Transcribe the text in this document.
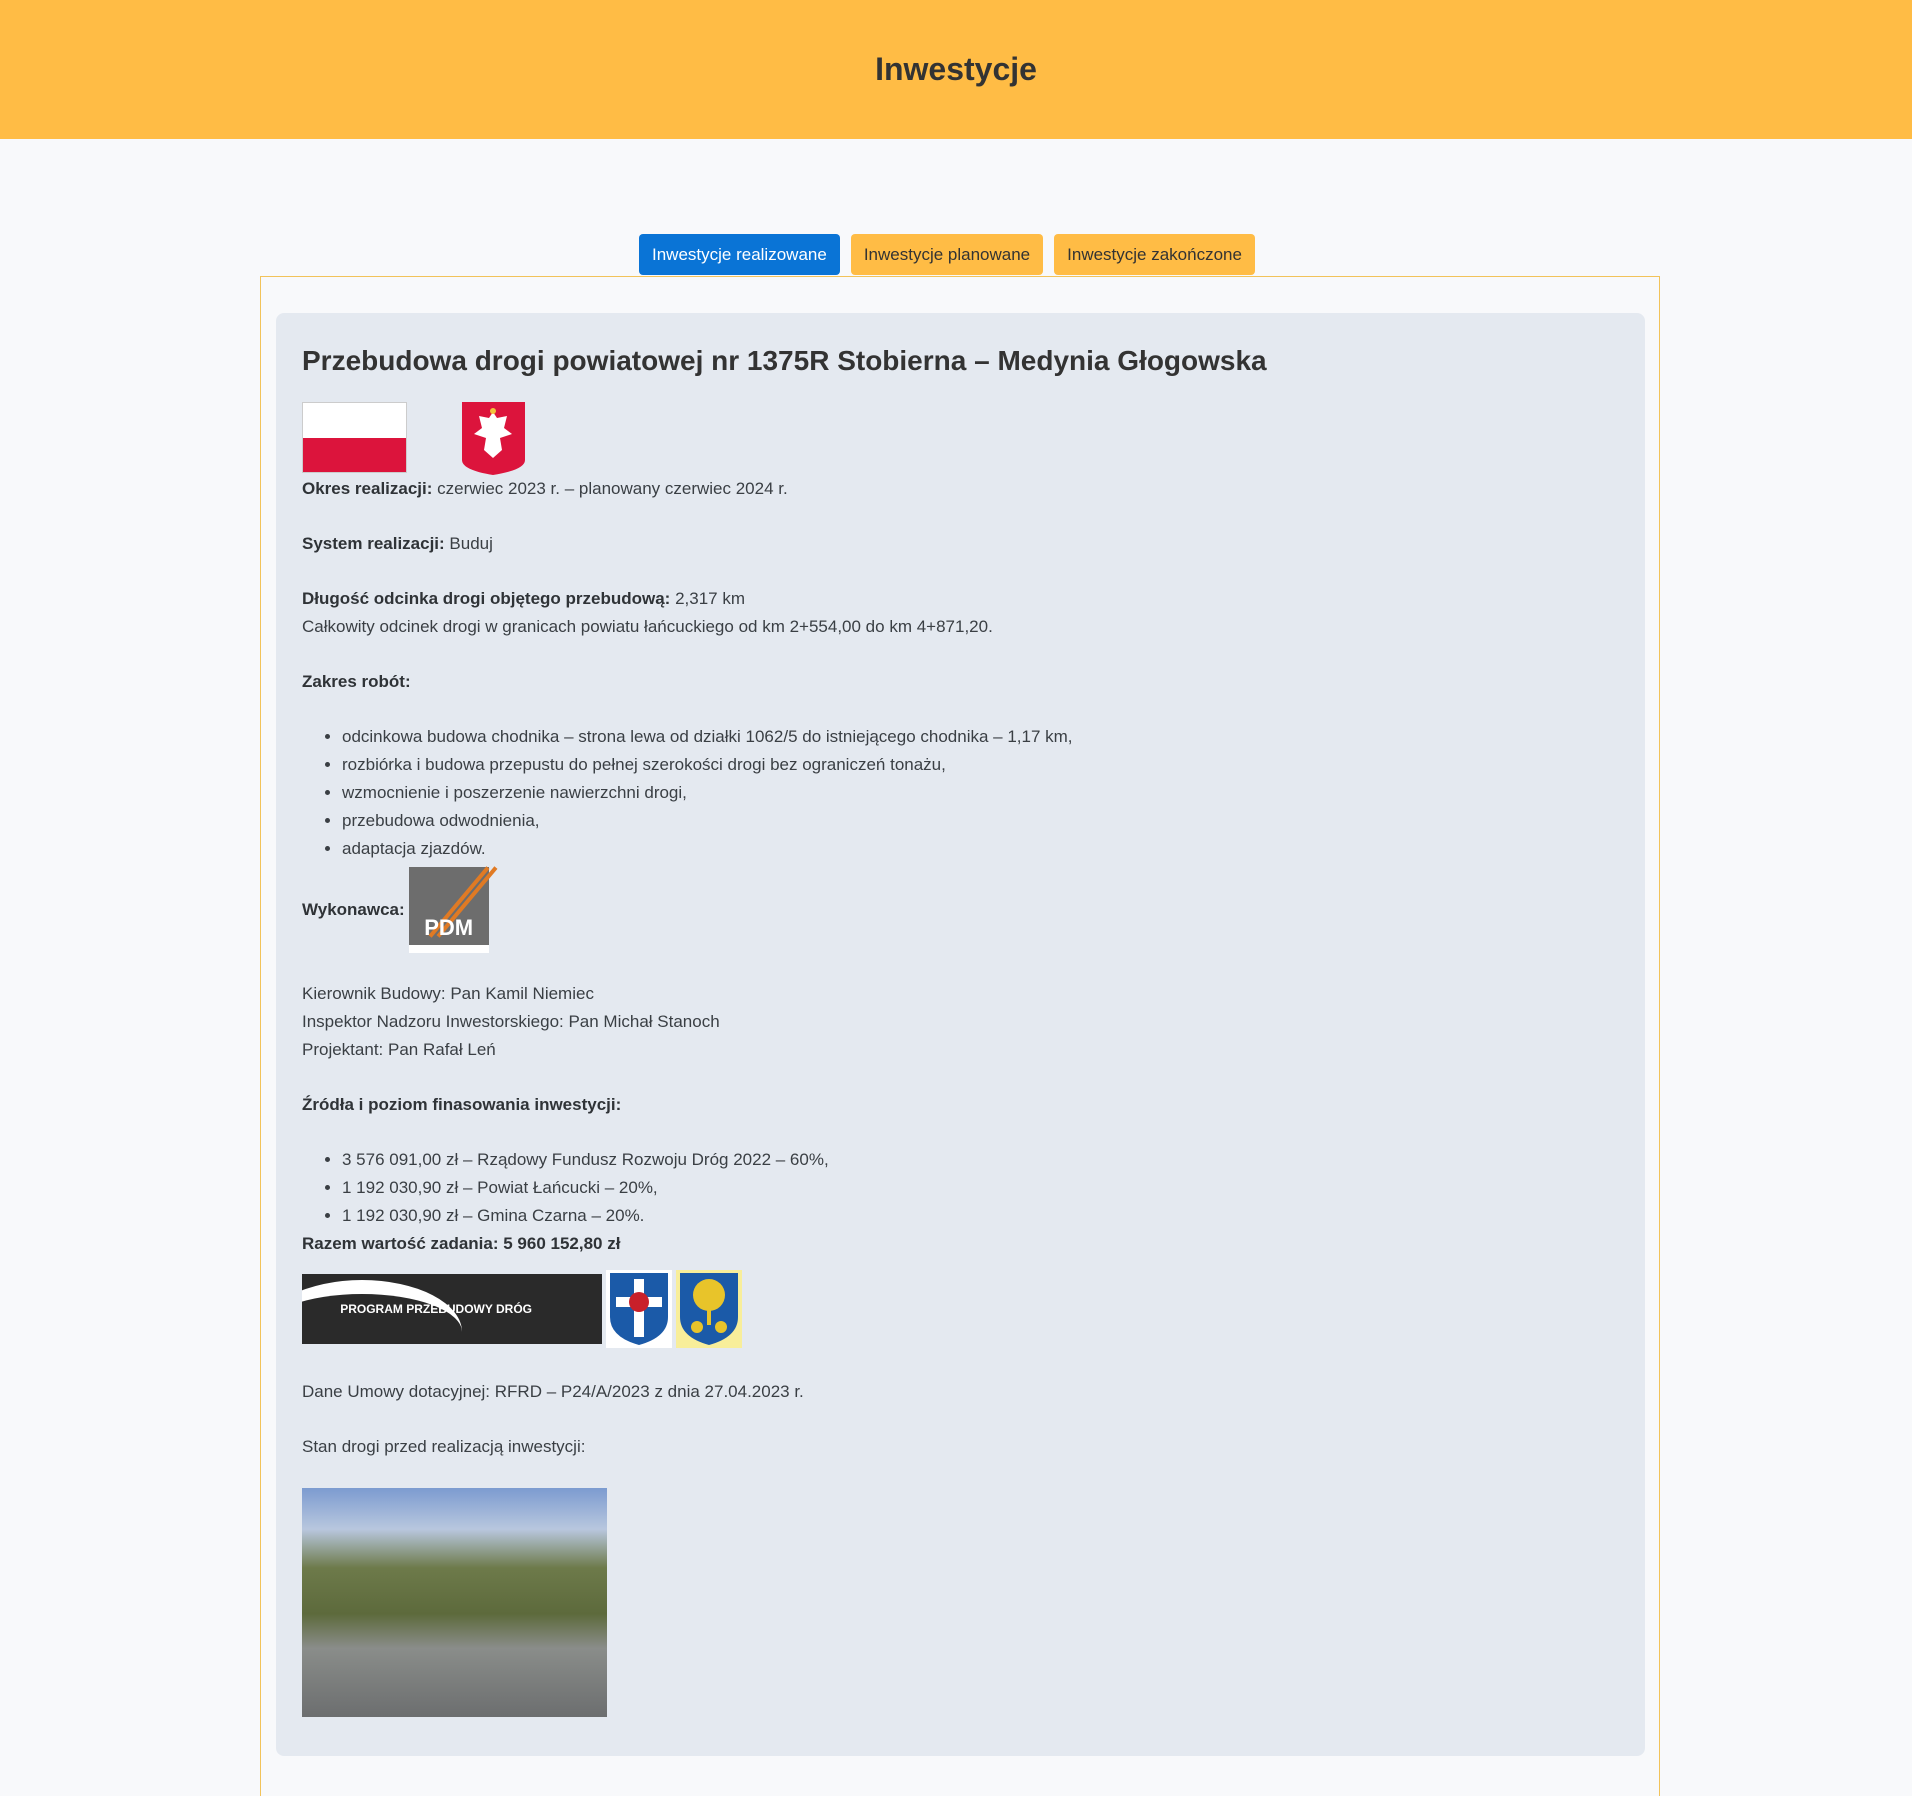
Inwestycje
Inwestycje realizowane	Inwestycje planowane	Inwestycje zakończone
Przebudowa drogi powiatowej nr 1375R Stobierna – Medynia Głogowska

Okres realizacji: czerwiec 2023 r. – planowany czerwiec 2024 r.

System realizacji: Buduj

Długość odcinka drogi objętego przebudową: 2,317 km

Całkowity odcinek drogi w granicach powiatu łańcuckiego od km 2+554,00 do km 4+871,20.

Zakres robót:

• odcinkowa budowa chodnika – strona lewa od działki 1062/5 do istniejącego chodnika – 1,17 km,
• rozbiórka i budowa przepustu do pełnej szerokości drogi bez ograniczeń tonażu,
• wzmocnienie i poszerzenie nawierzchni drogi,
• przebudowa odwodnienia,
• adaptacja zjazdów.

Wykonawca:

PDM

Kierownik Budowy: Pan Kamil Niemiec

Inspektor Nadzoru Inwestorskiego: Pan Michał Stanoch

Projektant: Pan Rafał Leń

Źródła i poziom finasowania inwestycji:

• 3 576 091,00 zł – Rządowy Fundusz Rozwoju Dróg 2022 – 60%,
• 1 192 030,90 zł – Powiat Łańcucki – 20%,
• 1 192 030,90 zł – Gmina Czarna – 20%.

Razem wartość zadania: 5 960 152,80 zł

PROGRAM PRZEBUDOWY DRÓG

Dane Umowy dotacyjnej: RFRD – P24/A/2023 z dnia 27.04.2023 r.

Stan drogi przed realizacją inwestycji:
